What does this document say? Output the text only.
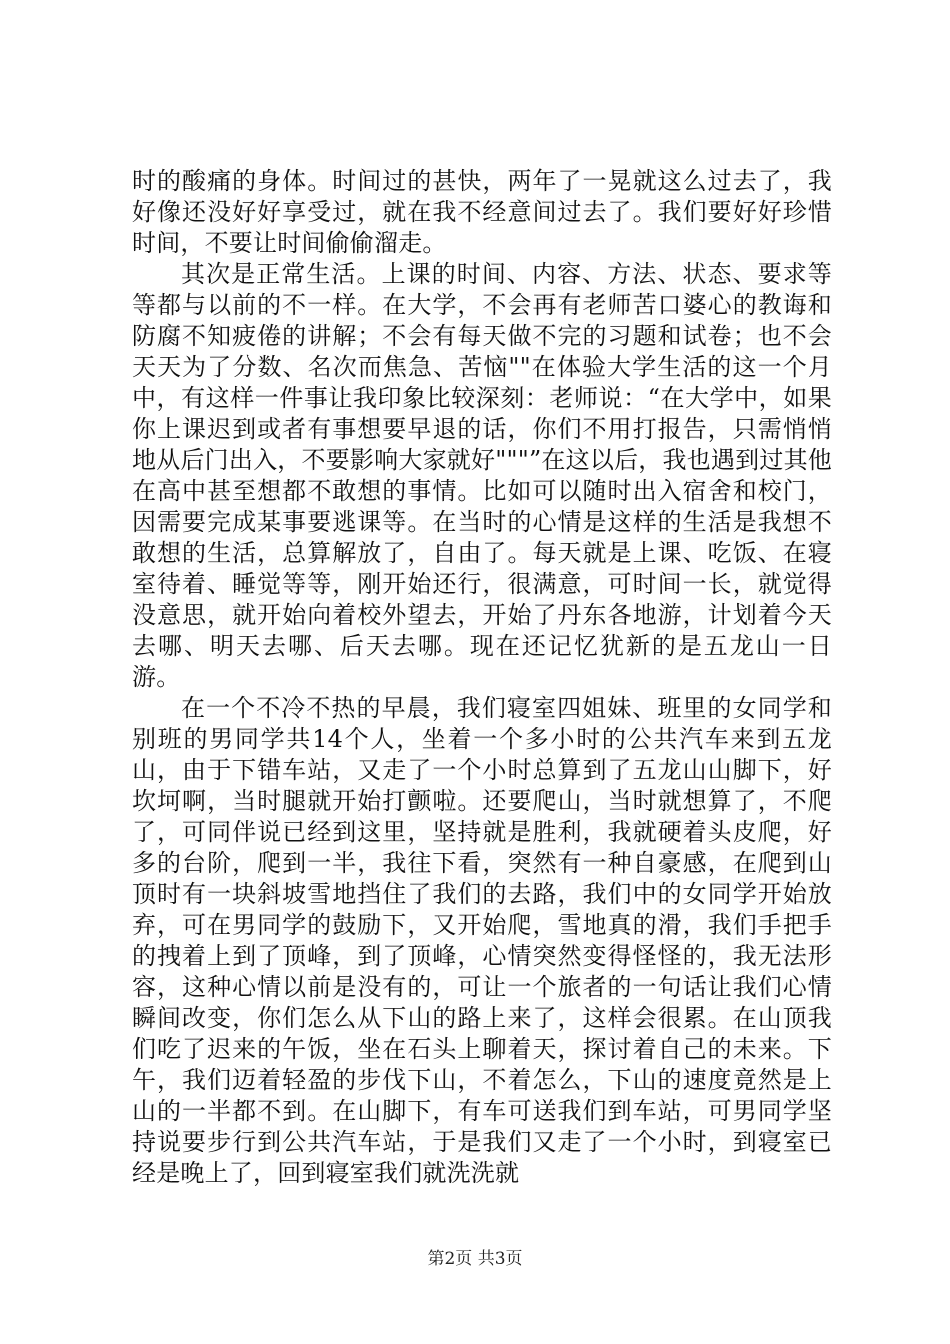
时的酸痛的身体。时间过的甚快，两年了一晃就这么过去了，我好像还没好好享受过，就在我不经意间过去了。我们要好好珍惜时间，不要让时间偷偷溜走。

其次是正常生活。上课的时间、内容、方法、状态、要求等等都与以前的不一样。在大学，不会再有老师苦口婆心的教诲和防腐不知疲倦的讲解；不会有每天做不完的习题和试卷；也不会天天为了分数、名次而焦急、苦恼""在体验大学生活的这一个月中，有这样一件事让我印象比较深刻：老师说：“在大学中，如果你上课迟到或者有事想要早退的话，你们不用打报告，只需悄悄地从后门出入，不要影响大家就好"""”在这以后，我也遇到过其他在高中甚至想都不敢想的事情。比如可以随时出入宿舍和校门，因需要完成某事要逃课等。在当时的心情是这样的生活是我想不敢想的生活，总算解放了，自由了。每天就是上课、吃饭、在寝室待着、睡觉等等，刚开始还行，很满意，可时间一长，就觉得没意思，就开始向着校外望去，开始了丹东各地游，计划着今天去哪、明天去哪、后天去哪。现在还记忆犹新的是五龙山一日游。

在一个不冷不热的早晨，我们寝室四姐妹、班里的女同学和别班的男同学共14个人，坐着一个多小时的公共汽车来到五龙山，由于下错车站，又走了一个小时总算到了五龙山山脚下，好坎坷啊，当时腿就开始打颤啦。还要爬山，当时就想算了，不爬了，可同伴说已经到这里，坚持就是胜利，我就硬着头皮爬，好多的台阶，爬到一半，我往下看，突然有一种自豪感，在爬到山顶时有一块斜坡雪地挡住了我们的去路，我们中的女同学开始放弃，可在男同学的鼓励下，又开始爬，雪地真的滑，我们手把手的拽着上到了顶峰，到了顶峰，心情突然变得怪怪的，我无法形容，这种心情以前是没有的，可让一个旅者的一句话让我们心情瞬间改变，你们怎么从下山的路上来了，这样会很累。在山顶我们吃了迟来的午饭，坐在石头上聊着天，探讨着自己的未来。下午，我们迈着轻盈的步伐下山，不着怎么，下山的速度竟然是上山的一半都不到。在山脚下，有车可送我们到车站，可男同学坚持说要步行到公共汽车站，于是我们又走了一个小时，到寝室已经是晚上了，回到寝室我们就洗洗就

第2页 共3页
